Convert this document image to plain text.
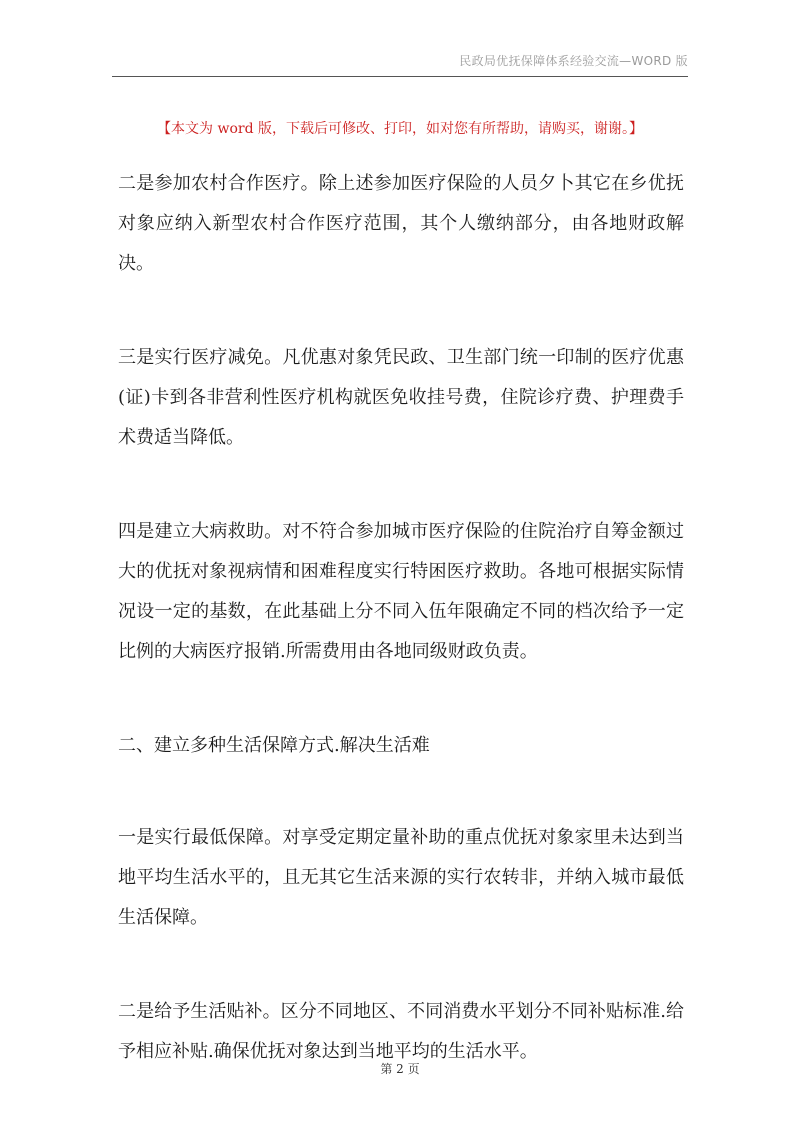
民政局优抚保障体系经验交流—WORD 版
【本文为 word 版，下载后可修改、打印，如对您有所帮助，请购买，谢谢。】

二是参加农村合作医疗。除上述参加医疗保险的人员夕卜其它在乡优抚对象应纳入新型农村合作医疗范围，其个人缴纳部分，由各地财政解决。

三是实行医疗减免。凡优惠对象凭民政、卫生部门统一印制的医疗优惠(证)卡到各非营利性医疗机构就医免收挂号费，住院诊疗费、护理费手术费适当降低。

四是建立大病救助。对不符合参加城市医疗保险的住院治疗自筹金额过大的优抚对象视病情和困难程度实行特困医疗救助。各地可根据实际情况设一定的基数，在此基础上分不同入伍年限确定不同的档次给予一定比例的大病医疗报销.所需费用由各地同级财政负责。

二、建立多种生活保障方式.解决生活难

一是实行最低保障。对享受定期定量补助的重点优抚对象家里未达到当地平均生活水平的，且无其它生活来源的实行农转非，并纳入城市最低生活保障。

二是给予生活贴补。区分不同地区、不同消费水平划分不同补贴标准.给予相应补贴.确保优抚对象达到当地平均的生活水平。

第 2 页
